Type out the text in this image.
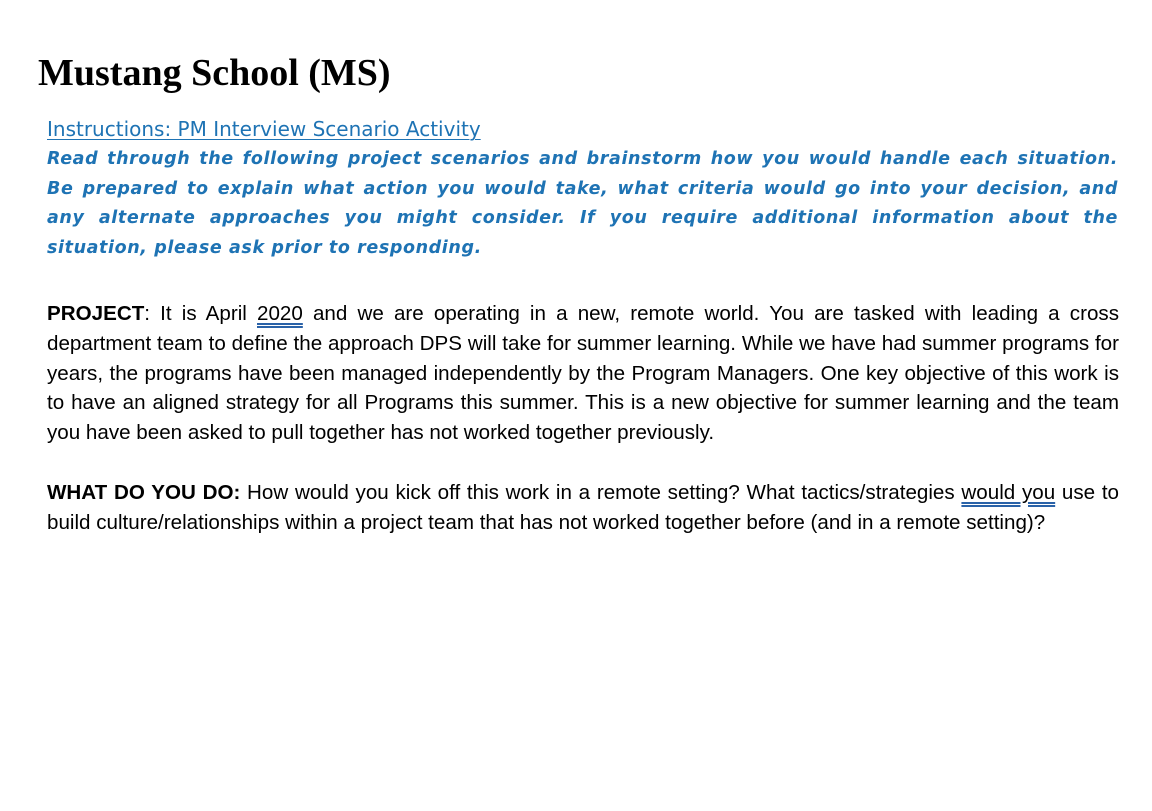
Mustang School (MS)
Instructions: PM Interview Scenario Activity

Read through the following project scenarios and brainstorm how you would handle each situation. Be prepared to explain what action you would take, what criteria would go into your decision, and any alternate approaches you might consider. If you require additional information about the situation, please ask prior to responding.

PROJECT: It is April 2020 and we are operating in a new, remote world. You are tasked with leading a cross department team to define the approach DPS will take for summer learning. While we have had summer programs for years, the programs have been managed independently by the Program Managers. One key objective of this work is to have an aligned strategy for all Programs this summer. This is a new objective for summer learning and the team you have been asked to pull together has not worked together previously.

WHAT DO YOU DO: How would you kick off this work in a remote setting? What tactics/strategies would you use to build culture/relationships within a project team that has not worked together before (and in a remote setting)?
